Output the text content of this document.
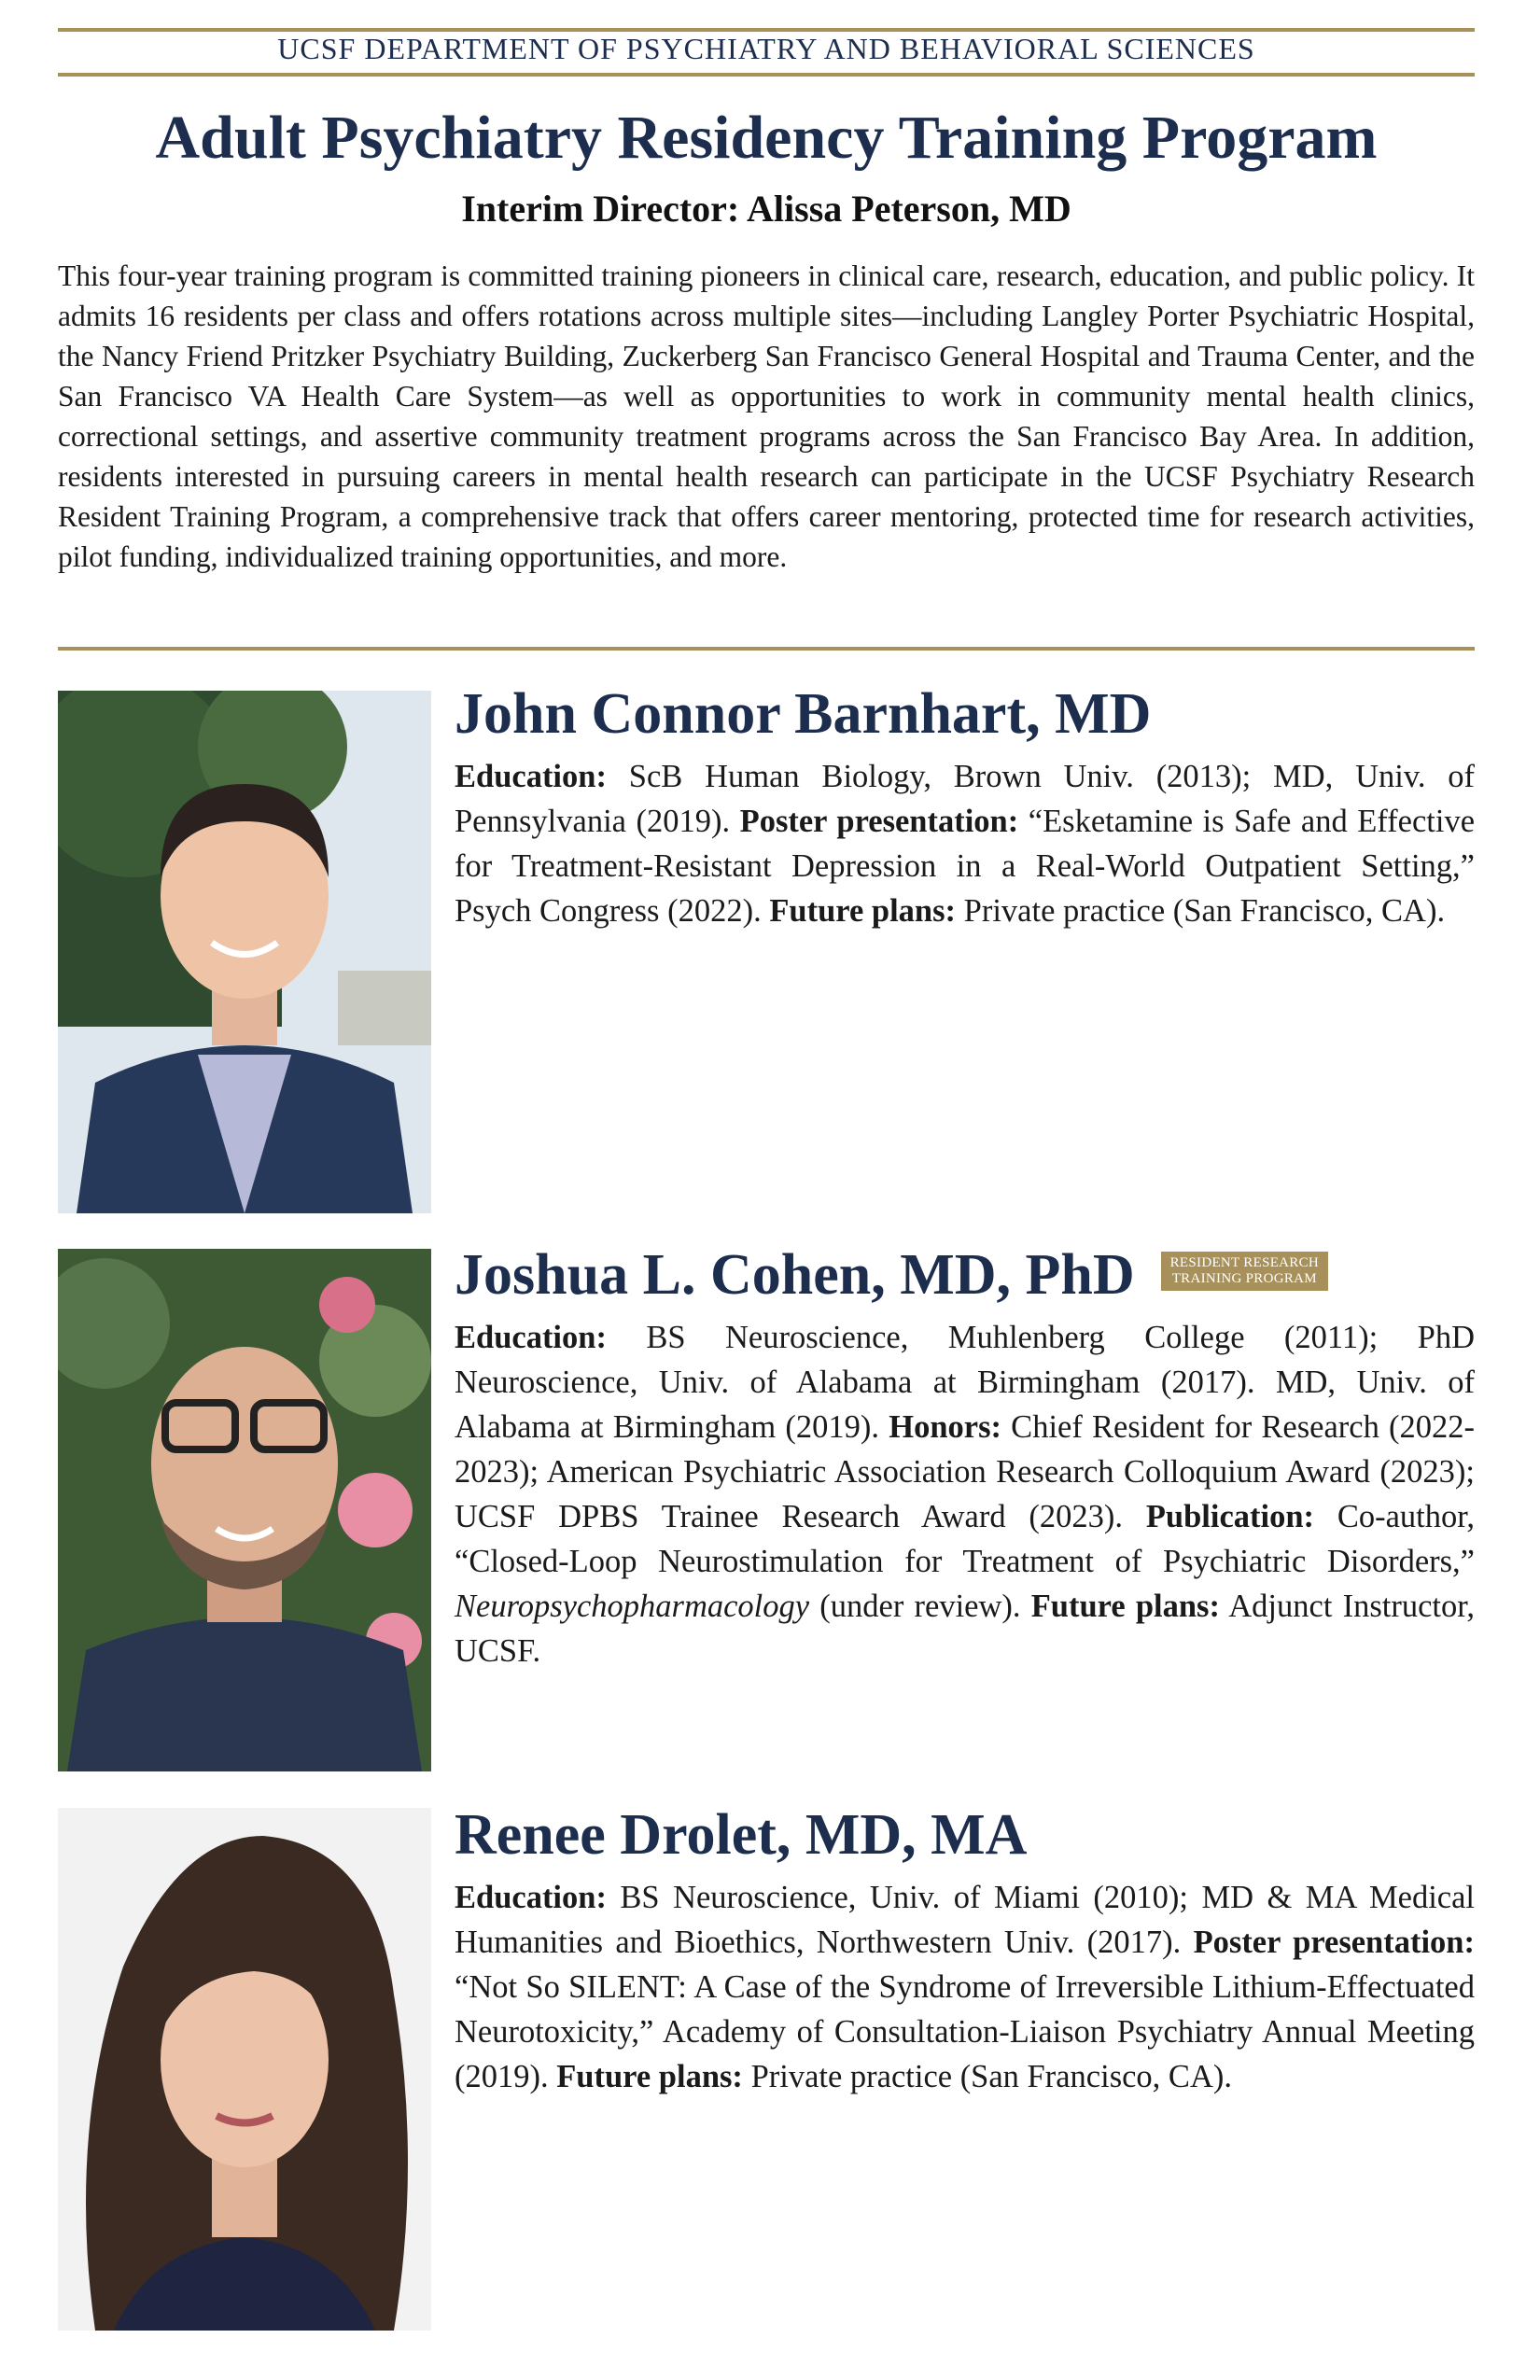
UCSF DEPARTMENT OF PSYCHIATRY AND BEHAVIORAL SCIENCES
Adult Psychiatry Residency Training Program
Interim Director: Alissa Peterson, MD
This four-year training program is committed training pioneers in clinical care, research, education, and public policy. It admits 16 residents per class and offers rotations across multiple sites—including Langley Porter Psychiatric Hospital, the Nancy Friend Pritzker Psychiatry Building, Zuckerberg San Francisco General Hospital and Trauma Center, and the San Francisco VA Health Care System—as well as opportunities to work in community mental health clinics, correctional settings, and assertive community treatment programs across the San Francisco Bay Area. In addition, residents interested in pursuing careers in mental health research can participate in the UCSF Psychiatry Research Resident Training Program, a comprehensive track that offers career mentoring, protected time for research activities, pilot funding, individualized training opportunities, and more.
John Connor Barnhart, MD
Education: ScB Human Biology, Brown Univ. (2013); MD, Univ. of Pennsylvania (2019). Poster presentation: “Esketamine is Safe and Effective for Treatment-Resistant Depression in a Real-World Outpatient Setting,” Psych Congress (2022). Future plans: Private practice (San Francisco, CA).
Joshua L. Cohen, MD, PhD	RESIDENT RESEARCH
TRAINING PROGRAM
Education: BS Neuroscience, Muhlenberg College (2011); PhD Neuroscience, Univ. of Alabama at Birmingham (2017). MD, Univ. of Alabama at Birmingham (2019). Honors: Chief Resident for Research (2022-2023); American Psychiatric Association Research Colloquium Award (2023); UCSF DPBS Trainee Research Award (2023). Publication: Co-author, “Closed-Loop Neurostimulation for Treatment of Psychiatric Disorders,” Neuropsychopharmacology (under review). Future plans: Adjunct Instructor, UCSF.
Renee Drolet, MD, MA
Education: BS Neuroscience, Univ. of Miami (2010); MD & MA Medical Humanities and Bioethics, Northwestern Univ. (2017). Poster presentation: “Not So SILENT: A Case of the Syndrome of Irreversible Lithium-Effectuated Neurotoxicity,” Academy of Consultation-Liaison Psychiatry Annual Meeting (2019). Future plans: Private practice (San Francisco, CA).
